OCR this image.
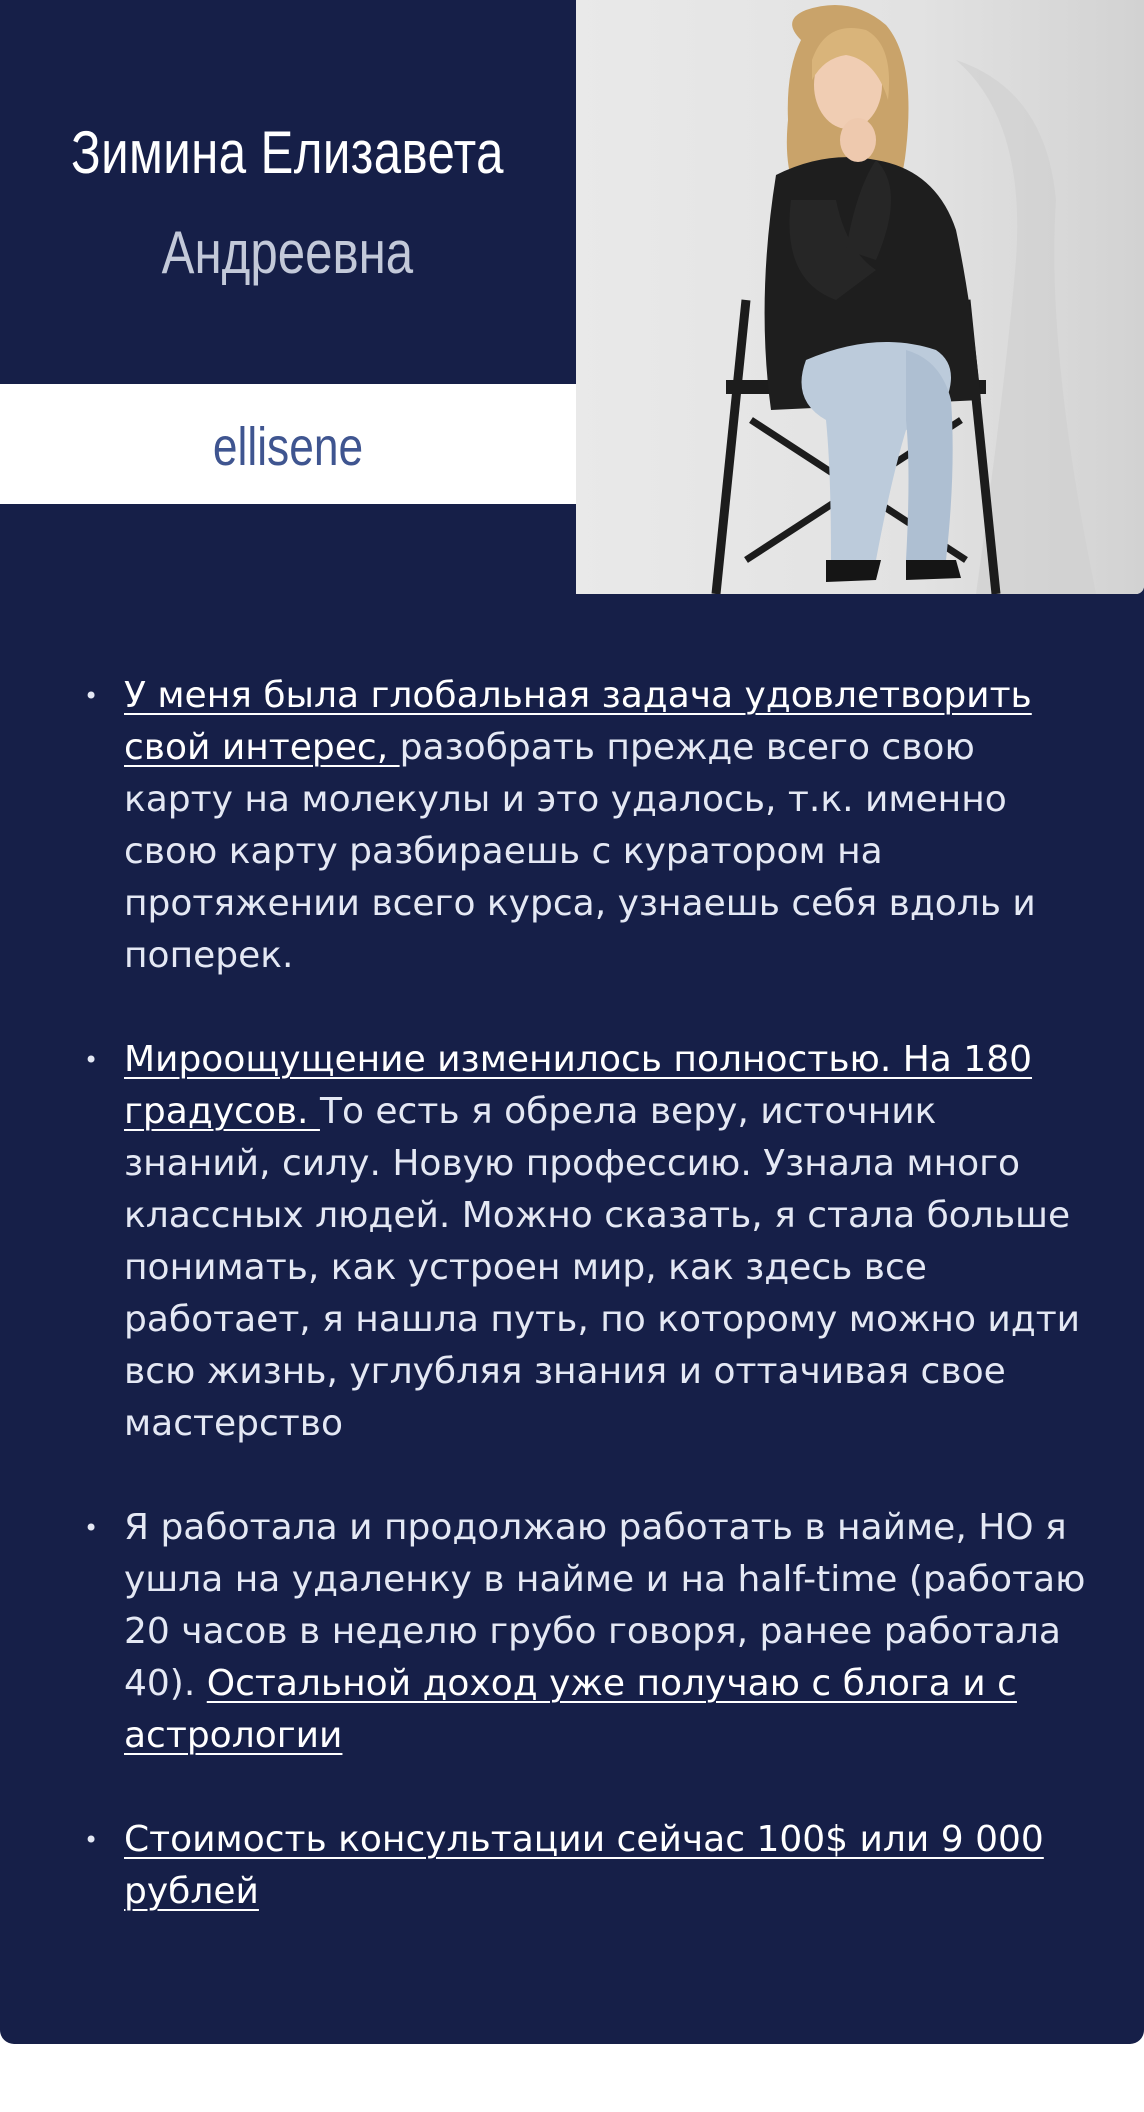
Зимина Елизавета
Андреевна
ellisene
• У меня была глобальная задача удовлетворить свой интерес, разобрать прежде всего свою карту на молекулы и это удалось, т.к. именно свою карту разбираешь с куратором на протяжении всего курса, узнаешь себя вдоль и поперек.
• Мироощущение изменилось полностью. На 180 градусов. То есть я обрела веру, источник знаний, силу. Новую профессию. Узнала много классных людей. Можно сказать, я стала больше понимать, как устроен мир, как здесь все работает, я нашла путь, по которому можно идти всю жизнь, углубляя знания и оттачивая свое мастерство
• Я работала и продолжаю работать в найме, НО я ушла на удаленку в найме и на half-time (работаю 20 часов в неделю грубо говоря, ранее работала 40). Остальной доход уже получаю с блога и с астрологии
• Стоимость консультации сейчас 100$ или 9 000 рублей
